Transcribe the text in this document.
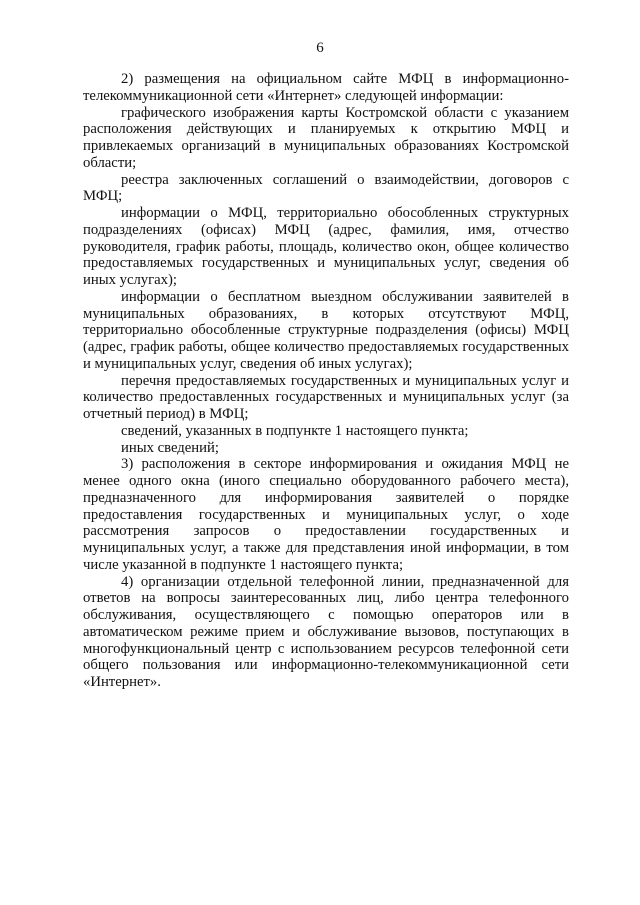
6

2) размещения на официальном сайте МФЦ в информационно-телекоммуникационной сети «Интернет» следующей информации:

графического изображения карты Костромской области с указанием расположения действующих и планируемых к открытию МФЦ и привлекаемых организаций в муниципальных образованиях Костромской области;

реестра заключенных соглашений о взаимодействии, договоров с МФЦ;

информации о МФЦ, территориально обособленных структурных подразделениях (офисах) МФЦ (адрес, фамилия, имя, отчество руководителя, график работы, площадь, количество окон, общее количество предоставляемых государственных и муниципальных услуг, сведения об иных услугах);

информации о бесплатном выездном обслуживании заявителей в муниципальных образованиях, в которых отсутствуют МФЦ, территориально обособленные структурные подразделения (офисы) МФЦ (адрес, график работы, общее количество предоставляемых государственных и муниципальных услуг, сведения об иных услугах);

перечня предоставляемых государственных и муниципальных услуг и количество предоставленных государственных и муниципальных услуг (за отчетный период) в МФЦ;

сведений, указанных в подпункте 1 настоящего пункта;

иных сведений;

3) расположения в секторе информирования и ожидания МФЦ не менее одного окна (иного специально оборудованного рабочего места), предназначенного для информирования заявителей о порядке предоставления государственных и муниципальных услуг, о ходе рассмотрения запросов о предоставлении государственных и муниципальных услуг, а также для представления иной информации, в том числе указанной в подпункте 1 настоящего пункта;

4) организации отдельной телефонной линии, предназначенной для ответов на вопросы заинтересованных лиц, либо центра телефонного обслуживания, осуществляющего с помощью операторов или в автоматическом режиме прием и обслуживание вызовов, поступающих в многофункциональный центр с использованием ресурсов телефонной сети общего пользования или информационно-телекоммуникационной сети «Интернет».
